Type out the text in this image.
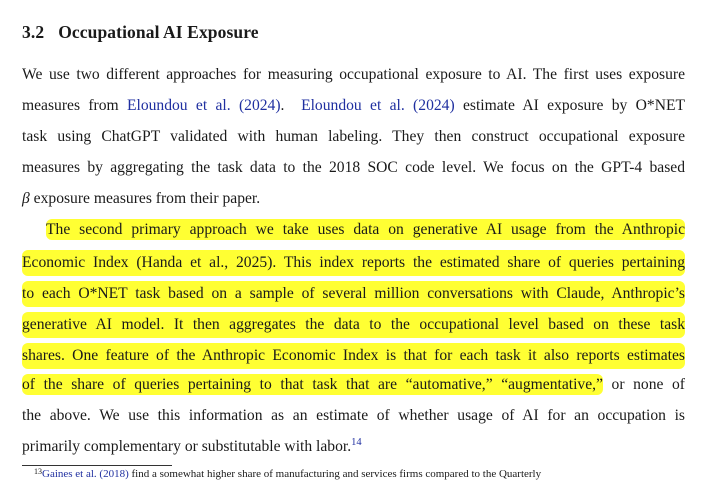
3.2 Occupational AI Exposure
We use two different approaches for measuring occupational exposure to AI. The first uses exposure
measures from Eloundou et al. (2024).  Eloundou et al. (2024) estimate AI exposure by O*NET
task using ChatGPT validated with human labeling. They then construct occupational exposure
measures by aggregating the task data to the 2018 SOC code level. We focus on the GPT-4 based
β exposure measures from their paper.
The second primary approach we take uses data on generative AI usage from the Anthropic
Economic Index (Handa et al., 2025). This index reports the estimated share of queries pertaining
to each O*NET task based on a sample of several million conversations with Claude, Anthropic’s
generative AI model. It then aggregates the data to the occupational level based on these task
shares. One feature of the Anthropic Economic Index is that for each task it also reports estimates
of the share of queries pertaining to that task that are “automative,” “augmentative,” or none of
the above. We use this information as an estimate of whether usage of AI for an occupation is
primarily complementary or substitutable with labor.$^{14}$
$^{13}$Gaines et al. (2018) find a somewhat higher share of manufacturing and services firms compared to the Quarterly
